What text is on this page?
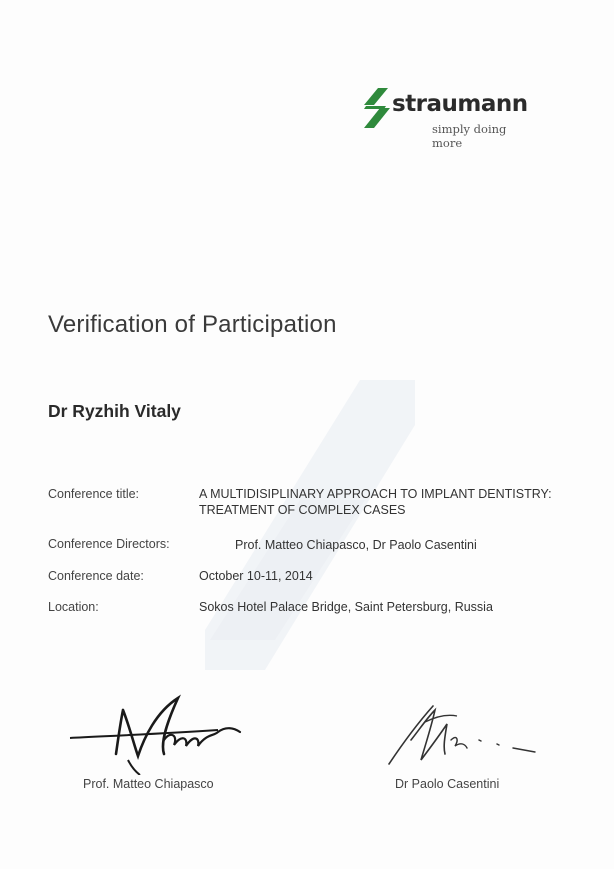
straumann
simply doing more
Verification of Participation
Dr Ryzhih Vitaly
Conference title:	A MULTIDISIPLINARY APPROACH TO IMPLANT DENTISTRY:
TREATMENT OF COMPLEX CASES
Conference Directors:	Prof. Matteo Chiapasco, Dr Paolo Casentini
Conference date:	October 10-11, 2014
Location:	Sokos Hotel Palace Bridge, Saint Petersburg, Russia
Prof. Matteo Chiapasco	Dr Paolo Casentini
